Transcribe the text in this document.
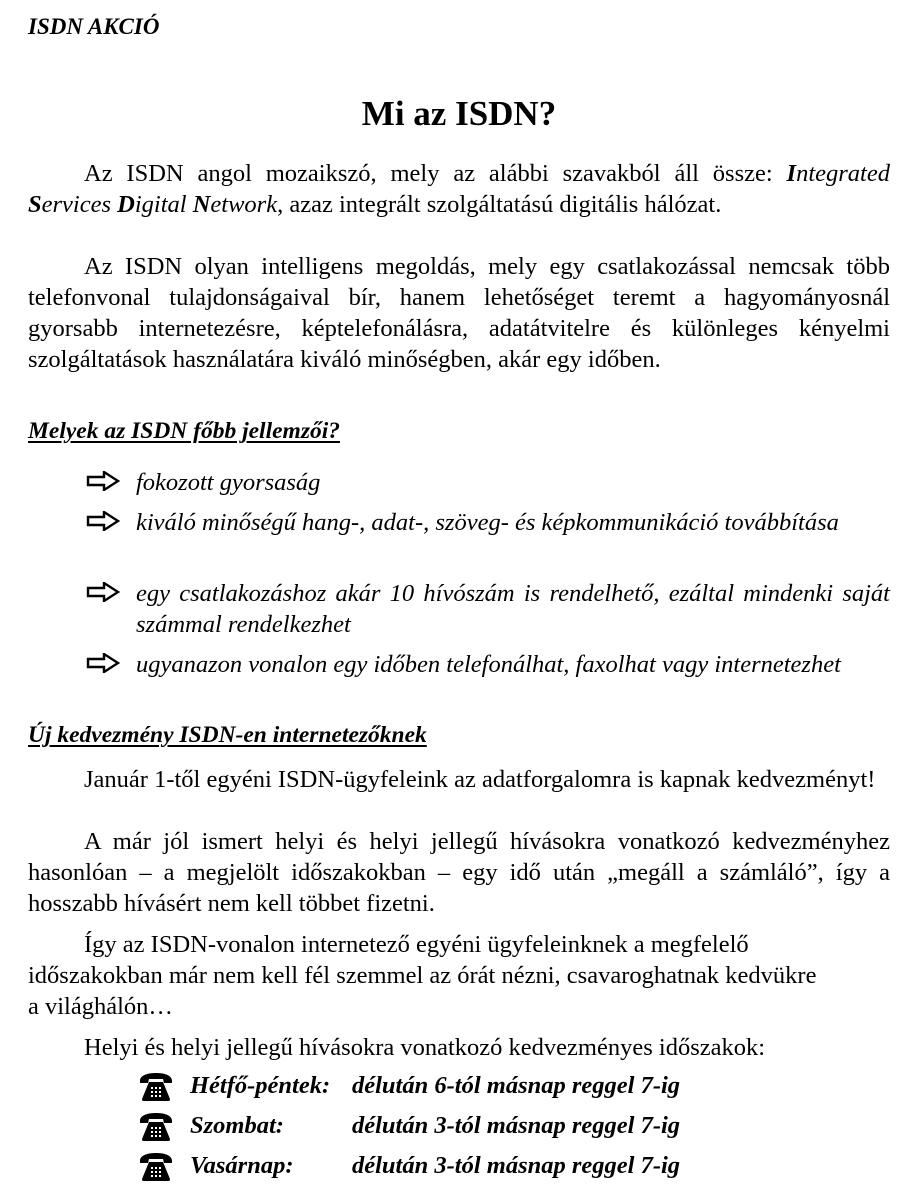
ISDN AKCIÓ
Mi az ISDN?
Az ISDN angol mozaikszó, mely az alábbi szavakból áll össze: Integrated Services Digital Network, azaz integrált szolgáltatású digitális hálózat.
Az ISDN olyan intelligens megoldás, mely egy csatlakozással nemcsak több telefonvonal tulajdonságaival bír, hanem lehetőséget teremt a hagyományosnál gyorsabb internetezésre, képtelefonálásra, adatátvitelre és különleges kényelmi szolgáltatások használatára kiváló minőségben, akár egy időben.
Melyek az ISDN főbb jellemzői?
fokozott gyorsaság
kiváló minőségű hang-, adat-, szöveg- és képkommunikáció továbbítása
egy csatlakozáshoz akár 10 hívószám is rendelhető, ezáltal mindenki saját számmal rendelkezhet
ugyanazon vonalon egy időben telefonálhat, faxolhat vagy internetezhet
Új kedvezmény ISDN-en internetezőknek
Január 1-től egyéni ISDN-ügyfeleink az adatforgalomra is kapnak kedvezményt!
A már jól ismert helyi és helyi jellegű hívásokra vonatkozó kedvezményhez hasonlóan – a megjelölt időszakokban – egy idő után „megáll a számláló”, így a hosszabb hívásért nem kell többet fizetni.
Így az ISDN-vonalon internetező egyéni ügyfeleinknek a megfelelő
időszakokban már nem kell fél szemmel az órát nézni, csavaroghatnak kedvükre
a világhálón…
Helyi és helyi jellegű hívásokra vonatkozó kedvezményes időszakok:
Hétfő-péntek: délután 6-tól másnap reggel 7-ig
Szombat:	délután 3-tól másnap reggel 7-ig
Vasárnap: délután 3-tól másnap reggel 7-ig
